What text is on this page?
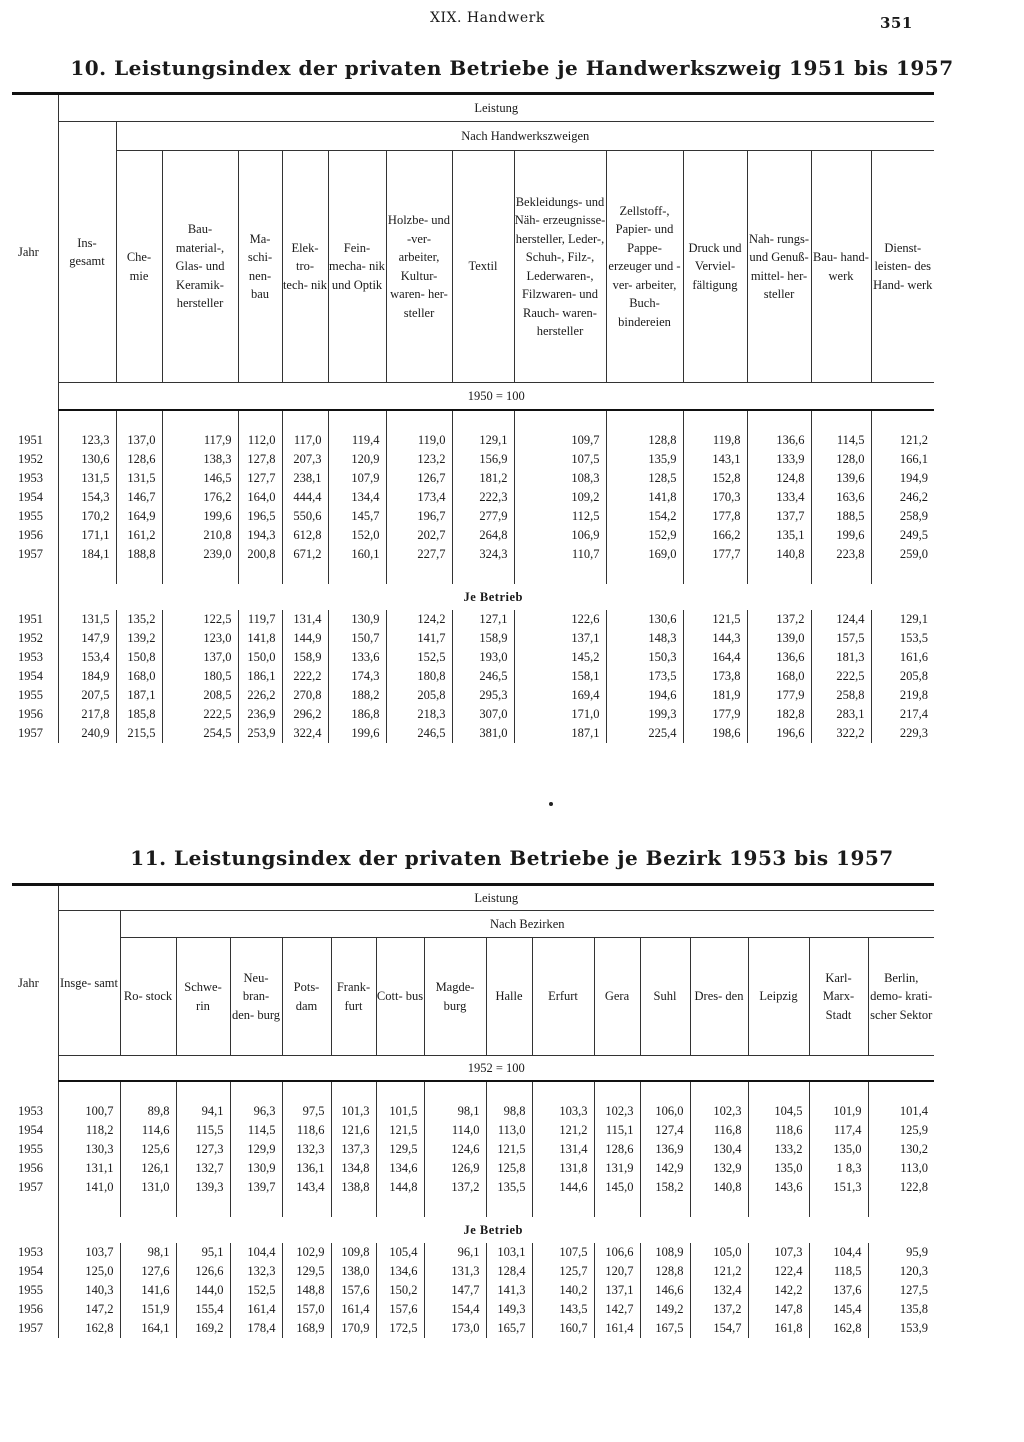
XIX. Handwerk	351
10. Leistungsindex der privaten Betriebe je Handwerkszweig 1951 bis 1957
Jahr	Leistung													
	Ins- gesamt	Nach Handwerkszweigen												
		Che- mie	Bau- material-, Glas- und Keramik- hersteller	Ma- schi- nen- bau	Elek- tro- tech- nik	Fein- mecha- nik und Optik	Holzbe- und -ver- arbeiter, Kultur- waren- her- steller	Textil	Bekleidungs- und Näh- erzeugnisse- hersteller, Leder-, Schuh-, Filz-, Lederwaren-, Filzwaren- und Rauch- waren- hersteller	Zellstoff-, Papier- und Pappe- erzeuger und -ver- arbeiter, Buch- bindereien	Druck und Verviel- fältigung	Nah- rungs- und Genuß- mittel- her- steller	Bau- hand- werk	Dienst- leisten- des Hand- werk
	1950 = 100													

1951	123,3	137,0	117,9	112,0	117,0	119,4	119,0	129,1	109,7	128,8	119,8	136,6	114,5	121,2
1952	130,6	128,6	138,3	127,8	207,3	120,9	123,2	156,9	107,5	135,9	143,1	133,9	128,0	166,1
1953	131,5	131,5	146,5	127,7	238,1	107,9	126,7	181,2	108,3	128,5	152,8	124,8	139,6	194,9
1954	154,3	146,7	176,2	164,0	444,4	134,4	173,4	222,3	109,2	141,8	170,3	133,4	163,6	246,2
1955	170,2	164,9	199,6	196,5	550,6	145,7	196,7	277,9	112,5	154,2	177,8	137,7	188,5	258,9
1956	171,1	161,2	210,8	194,3	612,8	152,0	202,7	264,8	106,9	152,9	166,2	135,1	199,6	249,5
1957	184,1	188,8	239,0	200,8	671,2	160,1	227,7	324,3	110,7	169,0	177,7	140,8	223,8	259,0

	Je Betrieb													
1951	131,5	135,2	122,5	119,7	131,4	130,9	124,2	127,1	122,6	130,6	121,5	137,2	124,4	129,1
1952	147,9	139,2	123,0	141,8	144,9	150,7	141,7	158,9	137,1	148,3	144,3	139,0	157,5	153,5
1953	153,4	150,8	137,0	150,0	158,9	133,6	152,5	193,0	145,2	150,3	164,4	136,6	181,3	161,6
1954	184,9	168,0	180,5	186,1	222,2	174,3	180,8	246,5	158,1	173,5	173,8	168,0	222,5	205,8
1955	207,5	187,1	208,5	226,2	270,8	188,2	205,8	295,3	169,4	194,6	181,9	177,9	258,8	219,8
1956	217,8	185,8	222,5	236,9	296,2	186,8	218,3	307,0	171,0	199,3	177,9	182,8	283,1	217,4
1957	240,9	215,5	254,5	253,9	322,4	199,6	246,5	381,0	187,1	225,4	198,6	196,6	322,2	229,3
11. Leistungsindex der privaten Betriebe je Bezirk 1953 bis 1957
Jahr	Leistung															
	Insge- samt	Nach Bezirken														
		Ro- stock	Schwe- rin	Neu- bran- den- burg	Pots- dam	Frank- furt	Cott- bus	Magde- burg	Halle	Erfurt	Gera	Suhl	Dres- den	Leipzig	Karl- Marx- Stadt	Berlin, demo- krati- scher Sektor
	1952 = 100															

1953	100,7	89,8	94,1	96,3	97,5	101,3	101,5	98,1	98,8	103,3	102,3	106,0	102,3	104,5	101,9	101,4
1954	118,2	114,6	115,5	114,5	118,6	121,6	121,5	114,0	113,0	121,2	115,1	127,4	116,8	118,6	117,4	125,9
1955	130,3	125,6	127,3	129,9	132,3	137,3	129,5	124,6	121,5	131,4	128,6	136,9	130,4	133,2	135,0	130,2
1956	131,1	126,1	132,7	130,9	136,1	134,8	134,6	126,9	125,8	131,8	131,9	142,9	132,9	135,0	1 8,3	113,0
1957	141,0	131,0	139,3	139,7	143,4	138,8	144,8	137,2	135,5	144,6	145,0	158,2	140,8	143,6	151,3	122,8

	Je Betrieb															
1953	103,7	98,1	95,1	104,4	102,9	109,8	105,4	96,1	103,1	107,5	106,6	108,9	105,0	107,3	104,4	95,9
1954	125,0	127,6	126,6	132,3	129,5	138,0	134,6	131,3	128,4	125,7	120,7	128,8	121,2	122,4	118,5	120,3
1955	140,3	141,6	144,0	152,5	148,8	157,6	150,2	147,7	141,3	140,2	137,1	146,6	132,4	142,2	137,6	127,5
1956	147,2	151,9	155,4	161,4	157,0	161,4	157,6	154,4	149,3	143,5	142,7	149,2	137,2	147,8	145,4	135,8
1957	162,8	164,1	169,2	178,4	168,9	170,9	172,5	173,0	165,7	160,7	161,4	167,5	154,7	161,8	162,8	153,9
